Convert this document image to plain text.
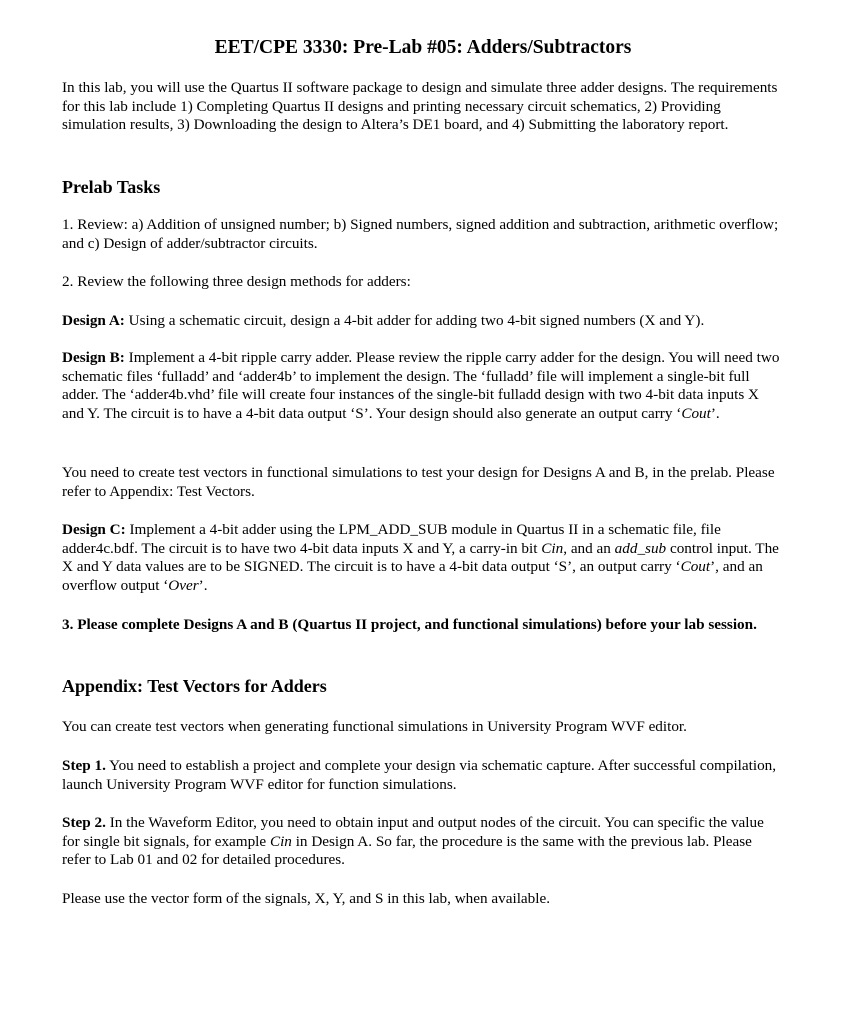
EET/CPE 3330: Pre-Lab #05: Adders/Subtractors
In this lab, you will use the Quartus II software package to design and simulate three adder designs. The requirements for this lab include 1) Completing Quartus II designs and printing necessary circuit schematics, 2) Providing simulation results, 3) Downloading the design to Altera’s DE1 board, and 4) Submitting the laboratory report.
Prelab Tasks
1. Review: a) Addition of unsigned number; b) Signed numbers, signed addition and subtraction, arithmetic overflow; and c) Design of adder/subtractor circuits.
2. Review the following three design methods for adders:
Design A: Using a schematic circuit, design a 4-bit adder for adding two 4-bit signed numbers (X and Y).
Design B: Implement a 4-bit ripple carry adder. Please review the ripple carry adder for the design. You will need two schematic files ‘fulladd’ and ‘adder4b’ to implement the design. The ‘fulladd’ file will implement a single-bit full adder. The ‘adder4b.vhd’ file will create four instances of the single-bit fulladd design with two 4-bit data inputs X and Y. The circuit is to have a 4-bit data output ‘S’. Your design should also generate an output carry ‘Cout’.
You need to create test vectors in functional simulations to test your design for Designs A and B, in the prelab. Please refer to Appendix: Test Vectors.
Design C: Implement a 4-bit adder using the LPM_ADD_SUB module in Quartus II in a schematic file, file adder4c.bdf. The circuit is to have two 4-bit data inputs X and Y, a carry-in bit Cin, and an add_sub control input. The X and Y data values are to be SIGNED. The circuit is to have a 4-bit data output ‘S’, an output carry ‘Cout’, and an overflow output ‘Over’.
3. Please complete Designs A and B (Quartus II project, and functional simulations) before your lab session.
Appendix: Test Vectors for Adders
You can create test vectors when generating functional simulations in University Program WVF editor.
Step 1. You need to establish a project and complete your design via schematic capture. After successful compilation, launch University Program WVF editor for function simulations.
Step 2. In the Waveform Editor, you need to obtain input and output nodes of the circuit. You can specific the value for single bit signals, for example Cin in Design A. So far, the procedure is the same with the previous lab. Please refer to Lab 01 and 02 for detailed procedures.
Please use the vector form of the signals, X, Y, and S in this lab, when available.
